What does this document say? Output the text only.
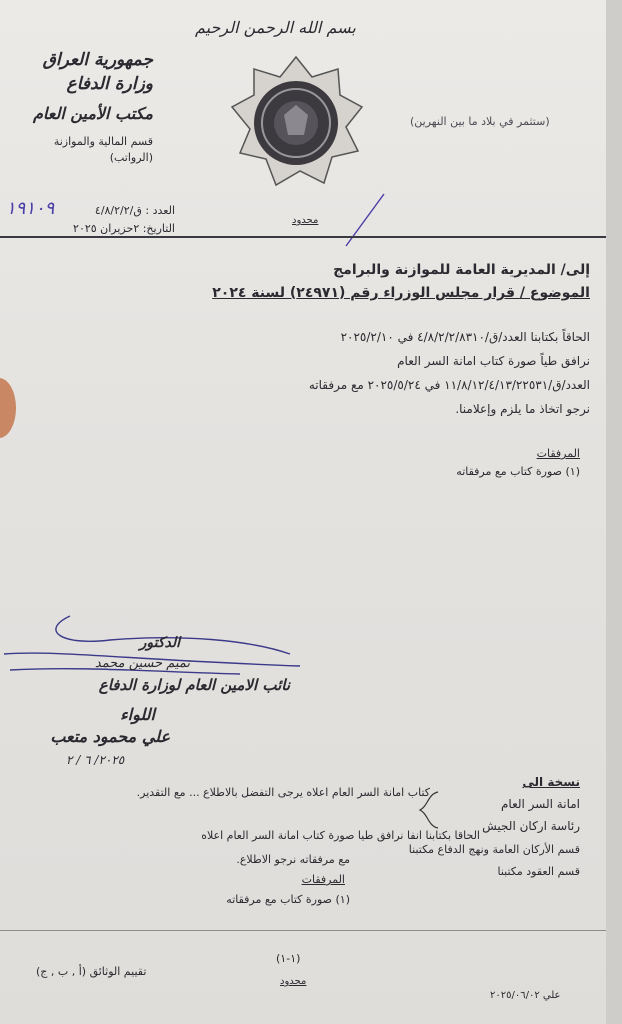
بسم الله الرحمن الرحيم
جمهورية العراق
وزارة الدفاع
مكتب الأمين العام
قسم المالية والموازنة
(الرواتب)
(ستثمر في بلاد ما بين النهرين)
١٩١٠٩	العدد : ق/٤/٨/٢/٢
التاريخ: ٢حزيران ٢٠٢٥
محدود
إلى/ المديرية العامة للموازنة والبرامج
الموضوع / قرار مجلس الوزراء رقم (٢٤٩٧١) لسنة ٢٠٢٤
الحاقاً بكتابنا العدد/ق/٤/٨/٢/٢/٨٣١٠ في ٢٠٢٥/٢/١٠
نرافق طياً صورة كتاب امانة السر العام
العدد/ق/١١/٨/١٢/٤/١٣/٢٢٥٣١ في ٢٠٢٥/٥/٢٤ مع مرفقاته
نرجو اتخاذ ما يلزم وإعلامنا.
المرفقات
(١) صورة كتاب مع مرفقاته
الدكتور
تميم حسين محمد
نائب الامين العام لوزارة الدفاع
اللواء
علي محمود متعب
٢٠٢٥/ ٦ / ٢
نسخة الى
امانة السر العام
رئاسة اركان الجيش
كتاب امانة السر العام اعلاه يرجى التفضل بالاطلاع ... مع التقدير.
قسم الأركان العامة ونهج الدفاع مكتبنا
قسم العقود مكتبنا
الحاقا بكتابنا انفا نرافق طيا صورة كتاب امانة السر العام اعلاه
مع مرفقاته نرجو الاطلاع.
المرفقات
(١) صورة كتاب مع مرفقاته
(١-١)
محدود
تقييم الوثائق (أ , ب , ج)
علي ٢٠٢٥/٠٦/٠٢
